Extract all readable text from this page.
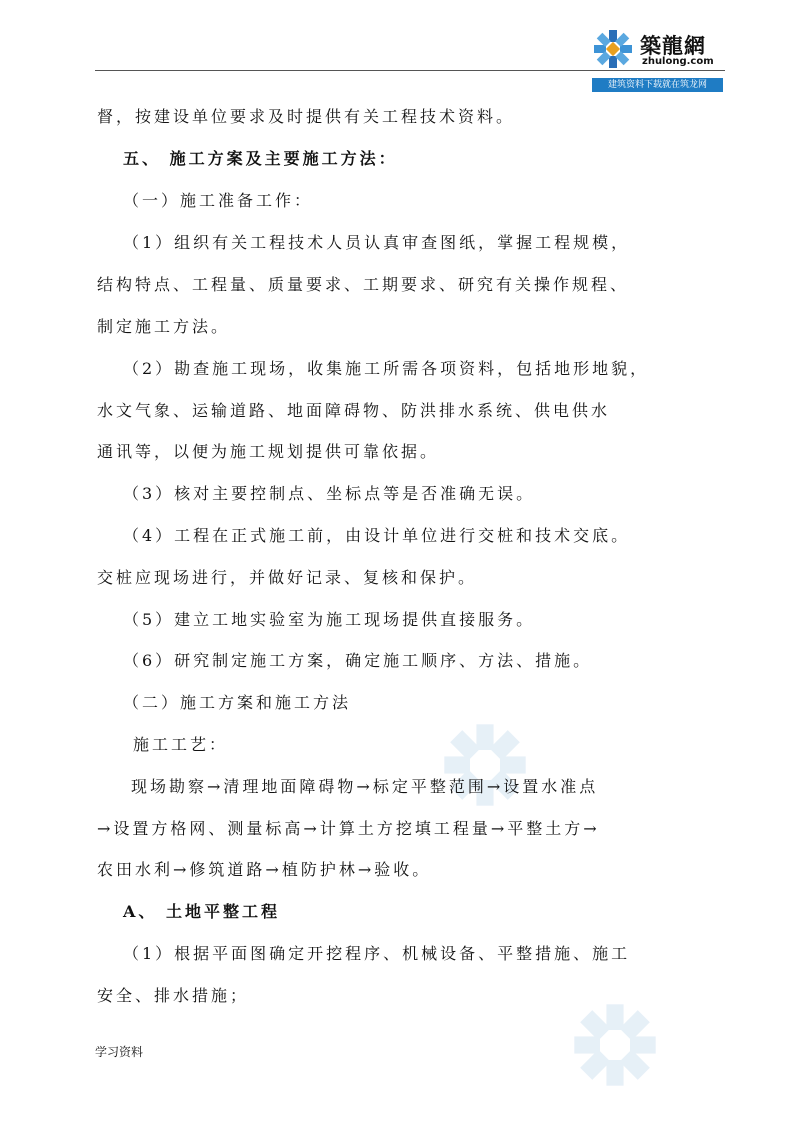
築龍網
zhulong.com
建筑资料下载就在筑龙网
督，按建设单位要求及时提供有关工程技术资料。
五、 施工方案及主要施工方法：
（一）施工准备工作：
（1）组织有关工程技术人员认真审查图纸，掌握工程规模，
结构特点、工程量、质量要求、工期要求、研究有关操作规程、
制定施工方法。
（2）勘查施工现场，收集施工所需各项资料，包括地形地貌，
水文气象、运输道路、地面障碍物、防洪排水系统、供电供水
通讯等，以便为施工规划提供可靠依据。
（3）核对主要控制点、坐标点等是否准确无误。
（4）工程在正式施工前，由设计单位进行交桩和技术交底。
交桩应现场进行，并做好记录、复核和保护。
（5）建立工地实验室为施工现场提供直接服务。
（6）研究制定施工方案，确定施工顺序、方法、措施。
（二）施工方案和施工方法
施工工艺：
现场勘察→清理地面障碍物→标定平整范围→设置水准点
→设置方格网、测量标高→计算土方挖填工程量→平整土方→
农田水利→修筑道路→植防护林→验收。
A、 土地平整工程
（1）根据平面图确定开挖程序、机械设备、平整措施、施工
安全、排水措施；
学习资料
